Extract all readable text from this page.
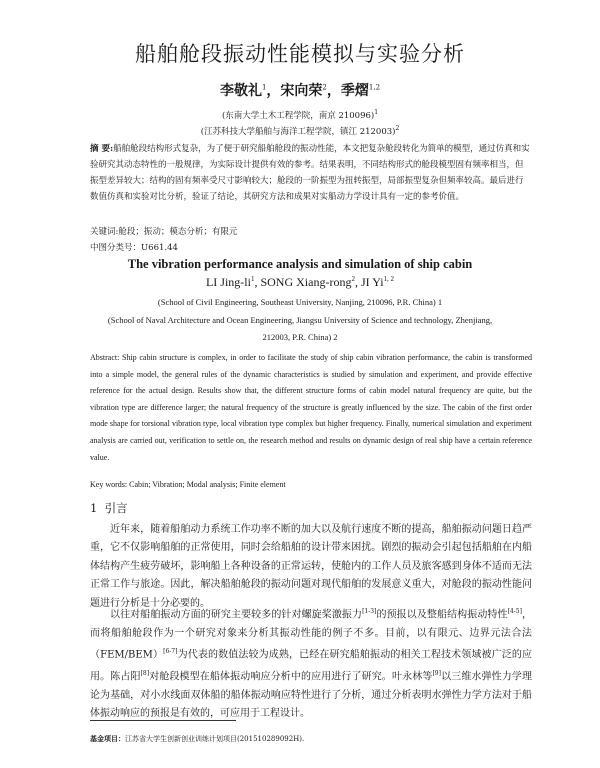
船舶舱段振动性能模拟与实验分析
李敬礼$^1$，宋向荣$^2$，季熠$^{1,2}$
(东南大学土木工程学院，南京 210096)$^1$
(江苏科技大学船舶与海洋工程学院，镇江 212003)$^2$
摘 要:船舶舱段结构形式复杂，为了便于研究船舶舱段的振动性能，本文把复杂舱段转化为简单的模型，通过仿真和实验研究其动态特性的一般规律，为实际设计提供有效的参考。结果表明，不同结构形式的舱段模型固有频率相当，但振型差异较大；结构的固有频率受尺寸影响较大；舱段的一阶振型为扭转振型，局部振型复杂但频率较高。最后进行数值仿真和实验对比分析，验证了结论，其研究方法和成果对实船动力学设计具有一定的参考价值。
关键词:舱段；振动；模态分析；有限元
中图分类号：U661.44
The vibration performance analysis and simulation of ship cabin
LI Jing-$li^1$, SONG Xiang-rong$^2$, JI Yi$^{1, 2}$
(School of Civil Engineering, Southeast University, Nanjing, 210096, P.R. China) 1
(School of Naval Architecture and Ocean Engineering, Jiangsu University of Science and technology, Zhenjiang,
212003, P.R. China) 2
Abstract: Ship cabin structure is complex, in order to facilitate the study of ship cabin vibration performance, the cabin is transformed into a simple model, the general rules of the dynamic characteristics is studied by simulation and experiment, and provide effective reference for the actual design. Results show that, the different structure forms of cabin model natural frequency are quite, but the vibration type are difference larger; the natural frequency of the structure is greatly influenced by the size. The cabin of the first order mode shape for torsional vibration type, local vibration type complex but higher frequency. Finally, numerical simulation and experiment analysis are carried out, verification to settle on, the research method and results on dynamic design of real ship have a certain reference value.
Key words: Cabin; Vibration; Modal analysis; Finite element
1 引言
近年来，随着船舶动力系统工作功率不断的加大以及航行速度不断的提高，船舶振动问题日趋严重，它不仅影响船舶的正常使用，同时会给船舶的设计带来困扰。剧烈的振动会引起包括船舶在内船体结构产生疲劳破坏，影响船上各种设备的正常运转，使舱内的工作人员及旅客感到身体不适而无法正常工作与旅途。因此，解决船舶舱段的振动问题对现代船舶的发展意义重大，对舱段的振动性能问题进行分析是十分必要的。
以往对船舶振动方面的研究主要较多的针对螺旋桨激振力[1-3]的预报以及整船结构振动特性[4-5]，而将船舶舱段作为一个研究对象来分析其振动性能的例子不多。目前，以有限元、边界元法合法（FEM/BEM）[6-7]为代表的数值法较为成熟，已经在研究船舶振动的相关工程技术领域被广泛的应用。陈占阳[8]对舱段模型在船体振动响应分析中的应用进行了研究。叶永林等[9]以三维水弹性力学理论为基础，对小水线面双体船的船体振动响应特性进行了分析，通过分析表明水弹性力学方法对于船体振动响应的预报是有效的，可应用于工程设计。
基金项目：江苏省大学生创新创业训练计划项目(201510289092H).
